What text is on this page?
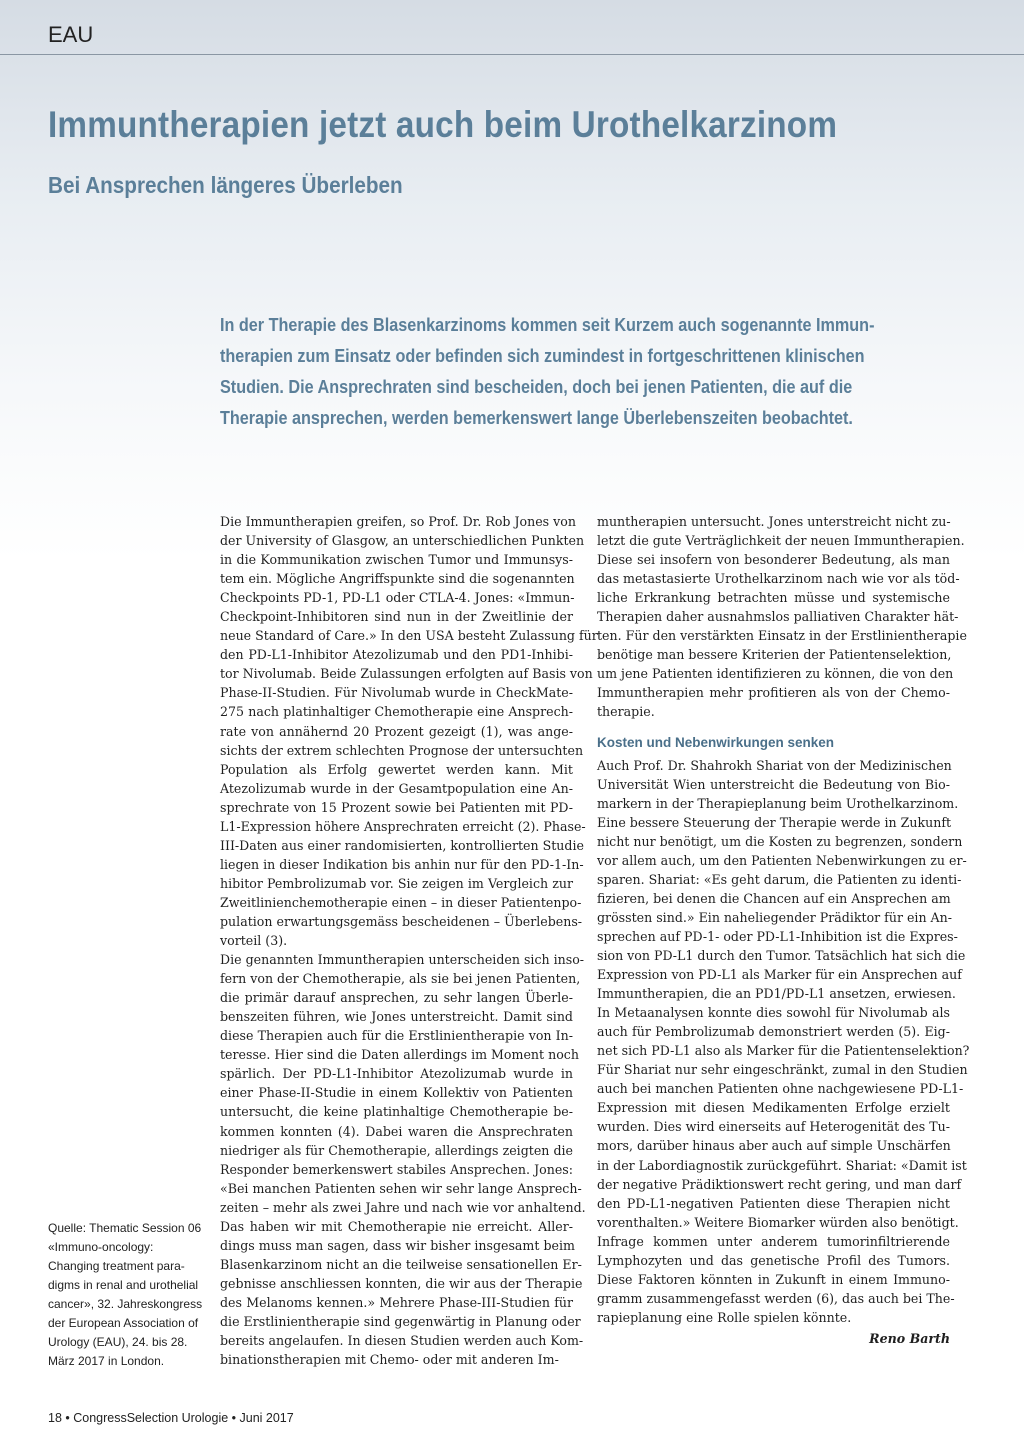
EAU
Immuntherapien jetzt auch beim Urothelkarzinom
Bei Ansprechen längeres Überleben
In der Therapie des Blasenkarzinoms kommen seit Kurzem auch sogenannte Immun-
therapien zum Einsatz oder befinden sich zumindest in fortgeschrittenen klinischen
Studien. Die Ansprechraten sind bescheiden, doch bei jenen Patienten, die auf die
Therapie ansprechen, werden bemerkenswert lange Überlebenszeiten beobachtet.
Die Immuntherapien greifen, so Prof. Dr. Rob Jones von
der University of Glasgow, an unterschiedlichen Punkten
in die Kommunikation zwischen Tumor und Immunsys-
tem ein. Mögliche Angriffspunkte sind die sogenannten
Checkpoints PD-1, PD-L1 oder CTLA-4. Jones: «Immun-
Checkpoint-Inhibitoren sind nun in der Zweitlinie der
neue Standard of Care.» In den USA besteht Zulassung für
den PD-L1-Inhibitor Atezolizumab und den PD1-Inhibi-
tor Nivolumab. Beide Zulassungen erfolgten auf Basis von
Phase-II-Studien. Für Nivolumab wurde in CheckMate-
275 nach platinhaltiger Chemotherapie eine Ansprech-
rate von annähernd 20 Prozent gezeigt (1), was ange-
sichts der extrem schlechten Prognose der untersuchten
Population als Erfolg gewertet werden kann. Mit
Atezolizumab wurde in der Gesamtpopulation eine An-
sprechrate von 15 Prozent sowie bei Patienten mit PD-
L1-Expression höhere Ansprechraten erreicht (2). Phase-
III-Daten aus einer randomisierten, kontrollierten Studie
liegen in dieser Indikation bis anhin nur für den PD-1-In-
hibitor Pembrolizumab vor. Sie zeigen im Vergleich zur
Zweitlinienchemotherapie einen – in dieser Patientenpo-
pulation erwartungsgemäss bescheidenen – Überlebens-
vorteil (3).
Die genannten Immuntherapien unterscheiden sich inso-
fern von der Chemotherapie, als sie bei jenen Patienten,
die primär darauf ansprechen, zu sehr langen Überle-
benszeiten führen, wie Jones unterstreicht. Damit sind
diese Therapien auch für die Erstlinientherapie von In-
teresse. Hier sind die Daten allerdings im Moment noch
spärlich. Der PD-L1-Inhibitor Atezolizumab wurde in
einer Phase-II-Studie in einem Kollektiv von Patienten
untersucht, die keine platinhaltige Chemotherapie be-
kommen konnten (4). Dabei waren die Ansprechraten
niedriger als für Chemotherapie, allerdings zeigten die
Responder bemerkenswert stabiles Ansprechen. Jones:
«Bei manchen Patienten sehen wir sehr lange Ansprech-
zeiten – mehr als zwei Jahre und nach wie vor anhaltend.
Das haben wir mit Chemotherapie nie erreicht. Aller-
dings muss man sagen, dass wir bisher insgesamt beim
Blasenkarzinom nicht an die teilweise sensationellen Er-
gebnisse anschliessen konnten, die wir aus der Therapie
des Melanoms kennen.» Mehrere Phase-III-Studien für
die Erstlinientherapie sind gegenwärtig in Planung oder
bereits angelaufen. In diesen Studien werden auch Kom-
binationstherapien mit Chemo- oder mit anderen Im-
muntherapien untersucht. Jones unterstreicht nicht zu-
letzt die gute Verträglichkeit der neuen Immuntherapien.
Diese sei insofern von besonderer Bedeutung, als man
das metastasierte Urothelkarzinom nach wie vor als töd-
liche Erkrankung betrachten müsse und systemische
Therapien daher ausnahmslos palliativen Charakter hät-
ten. Für den verstärkten Einsatz in der Erstlinientherapie
benötige man bessere Kriterien der Patientenselektion,
um jene Patienten identifizieren zu können, die von den
Immuntherapien mehr profitieren als von der Chemo-
therapie.
Kosten und Nebenwirkungen senken
Auch Prof. Dr. Shahrokh Shariat von der Medizinischen
Universität Wien unterstreicht die Bedeutung von Bio-
markern in der Therapieplanung beim Urothelkarzinom.
Eine bessere Steuerung der Therapie werde in Zukunft
nicht nur benötigt, um die Kosten zu begrenzen, sondern
vor allem auch, um den Patienten Nebenwirkungen zu er-
sparen. Shariat: «Es geht darum, die Patienten zu identi-
fizieren, bei denen die Chancen auf ein Ansprechen am
grössten sind.» Ein naheliegender Prädiktor für ein An-
sprechen auf PD-1- oder PD-L1-Inhibition ist die Expres-
sion von PD-L1 durch den Tumor. Tatsächlich hat sich die
Expression von PD-L1 als Marker für ein Ansprechen auf
Immuntherapien, die an PD1/PD-L1 ansetzen, erwiesen.
In Metaanalysen konnte dies sowohl für Nivolumab als
auch für Pembrolizumab demonstriert werden (5). Eig-
net sich PD-L1 also als Marker für die Patientenselektion?
Für Shariat nur sehr eingeschränkt, zumal in den Studien
auch bei manchen Patienten ohne nachgewiesene PD-L1-
Expression mit diesen Medikamenten Erfolge erzielt
wurden. Dies wird einerseits auf Heterogenität des Tu-
mors, darüber hinaus aber auch auf simple Unschärfen
in der Labordiagnostik zurückgeführt. Shariat: «Damit ist
der negative Prädiktionswert recht gering, und man darf
den PD-L1-negativen Patienten diese Therapien nicht
vorenthalten.» Weitere Biomarker würden also benötigt.
Infrage kommen unter anderem tumorinfiltrierende
Lymphozyten und das genetische Profil des Tumors.
Diese Faktoren könnten in Zukunft in einem Immuno-
gramm zusammengefasst werden (6), das auch bei The-
rapieplanung eine Rolle spielen könnte.
Reno Barth
Quelle: Thematic Session 06
«Immuno-oncology:
Changing treatment para-
digms in renal and urothelial
cancer», 32. Jahreskongress
der European Association of
Urology (EAU), 24. bis 28.
März 2017 in London.
18 • CongressSelection Urologie • Juni 2017
